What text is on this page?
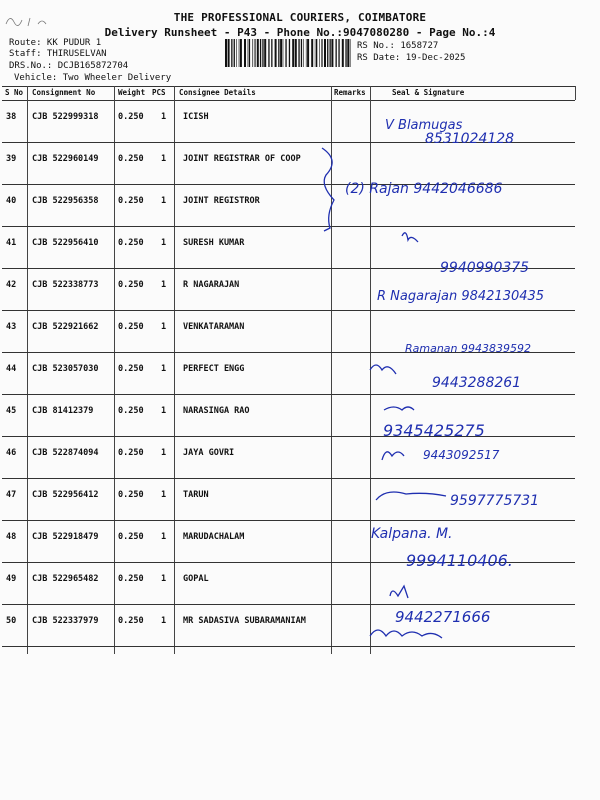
THE PROFESSIONAL COURIERS, COIMBATORE
Delivery Runsheet - P43 - Phone No.:9047080280 - Page No.:4
Route: KK PUDUR 1
Staff: THIRUSELVAN
DRS.No.: DCJB165872704
Vehicle: Two Wheeler Delivery
RS No.: 1658727
RS Date: 19-Dec-2025
S No Consignment No	Weight PCS Consignee Details	Remarks	Seal & Signature
38 CJB 522999318 0.250 1 ICISH
39 CJB 522960149 0.250 1 JOINT REGISTRAR OF COOP
40 CJB 522956358 0.250 1 JOINT REGISTROR
41 CJB 522956410 0.250 1 SURESH KUMAR
42 CJB 522338773 0.250 1 R NAGARAJAN
43 CJB 522921662 0.250 1 VENKATARAMAN
44 CJB 523057030 0.250 1 PERFECT ENGG
45 CJB 81412379	0.250 1 NARASINGA RAO
46 CJB 522874094 0.250 1 JAYA GOVRI
47 CJB 522956412 0.250 1 TARUN
48 CJB 522918479 0.250 1 MARUDACHALAM
49 CJB 522965482 0.250 1 GOPAL
50 CJB 522337979 0.250 1 MR SADASIVA SUBARAMANIAM
V Blamugas
8531024128
(2) Rajan 9442046686
9940990375
R Nagarajan 9842130435
Ramanan 9943839592
9443288261
9345425275
9443092517
9597775731
Kalpana. M.
9994110406.
9442271666
